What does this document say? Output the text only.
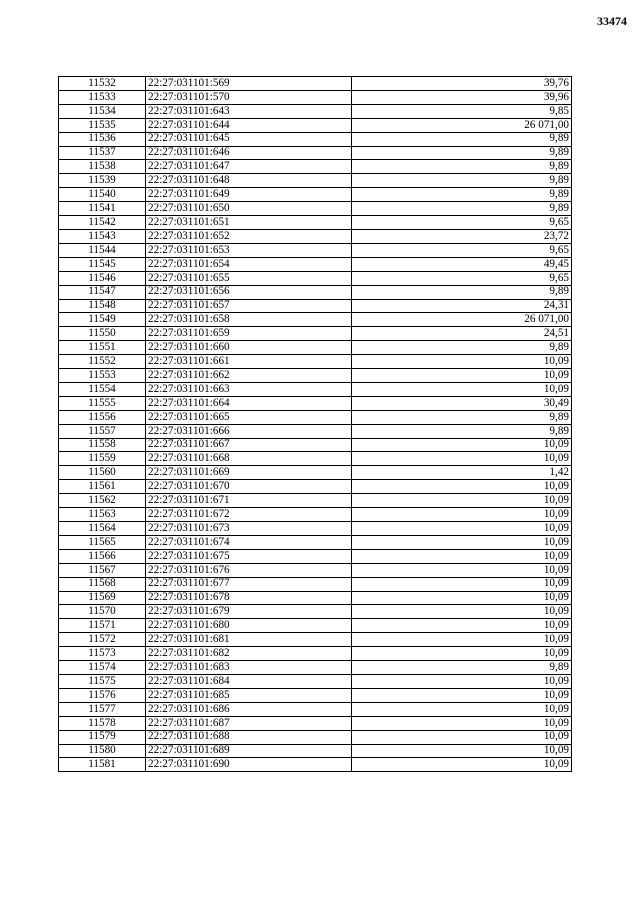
33474
11532	22:27:031101:569	39,76
11533	22:27:031101:570	39,96
11534	22:27:031101:643	9,85
11535	22:27:031101:644	26 071,00
11536	22:27:031101:645	9,89
11537	22:27:031101:646	9,89
11538	22:27:031101:647	9,89
11539	22:27:031101:648	9,89
11540	22:27:031101:649	9,89
11541	22:27:031101:650	9,89
11542	22:27:031101:651	9,65
11543	22:27:031101:652	23,72
11544	22:27:031101:653	9,65
11545	22:27:031101:654	49,45
11546	22:27:031101:655	9,65
11547	22:27:031101:656	9,89
11548	22:27:031101:657	24,31
11549	22:27:031101:658	26 071,00
11550	22:27:031101:659	24,51
11551	22:27:031101:660	9,89
11552	22:27:031101:661	10,09
11553	22:27:031101:662	10,09
11554	22:27:031101:663	10,09
11555	22:27:031101:664	30,49
11556	22:27:031101:665	9,89
11557	22:27:031101:666	9,89
11558	22:27:031101:667	10,09
11559	22:27:031101:668	10,09
11560	22:27:031101:669	1,42
11561	22:27:031101:670	10,09
11562	22:27:031101:671	10,09
11563	22:27:031101:672	10,09
11564	22:27:031101:673	10,09
11565	22:27:031101:674	10,09
11566	22:27:031101:675	10,09
11567	22:27:031101:676	10,09
11568	22:27:031101:677	10,09
11569	22:27:031101:678	10,09
11570	22:27:031101:679	10,09
11571	22:27:031101:680	10,09
11572	22:27:031101:681	10,09
11573	22:27:031101:682	10,09
11574	22:27:031101:683	9,89
11575	22:27:031101:684	10,09
11576	22:27:031101:685	10,09
11577	22:27:031101:686	10,09
11578	22:27:031101:687	10,09
11579	22:27:031101:688	10,09
11580	22:27:031101:689	10,09
11581	22:27:031101:690	10,09
